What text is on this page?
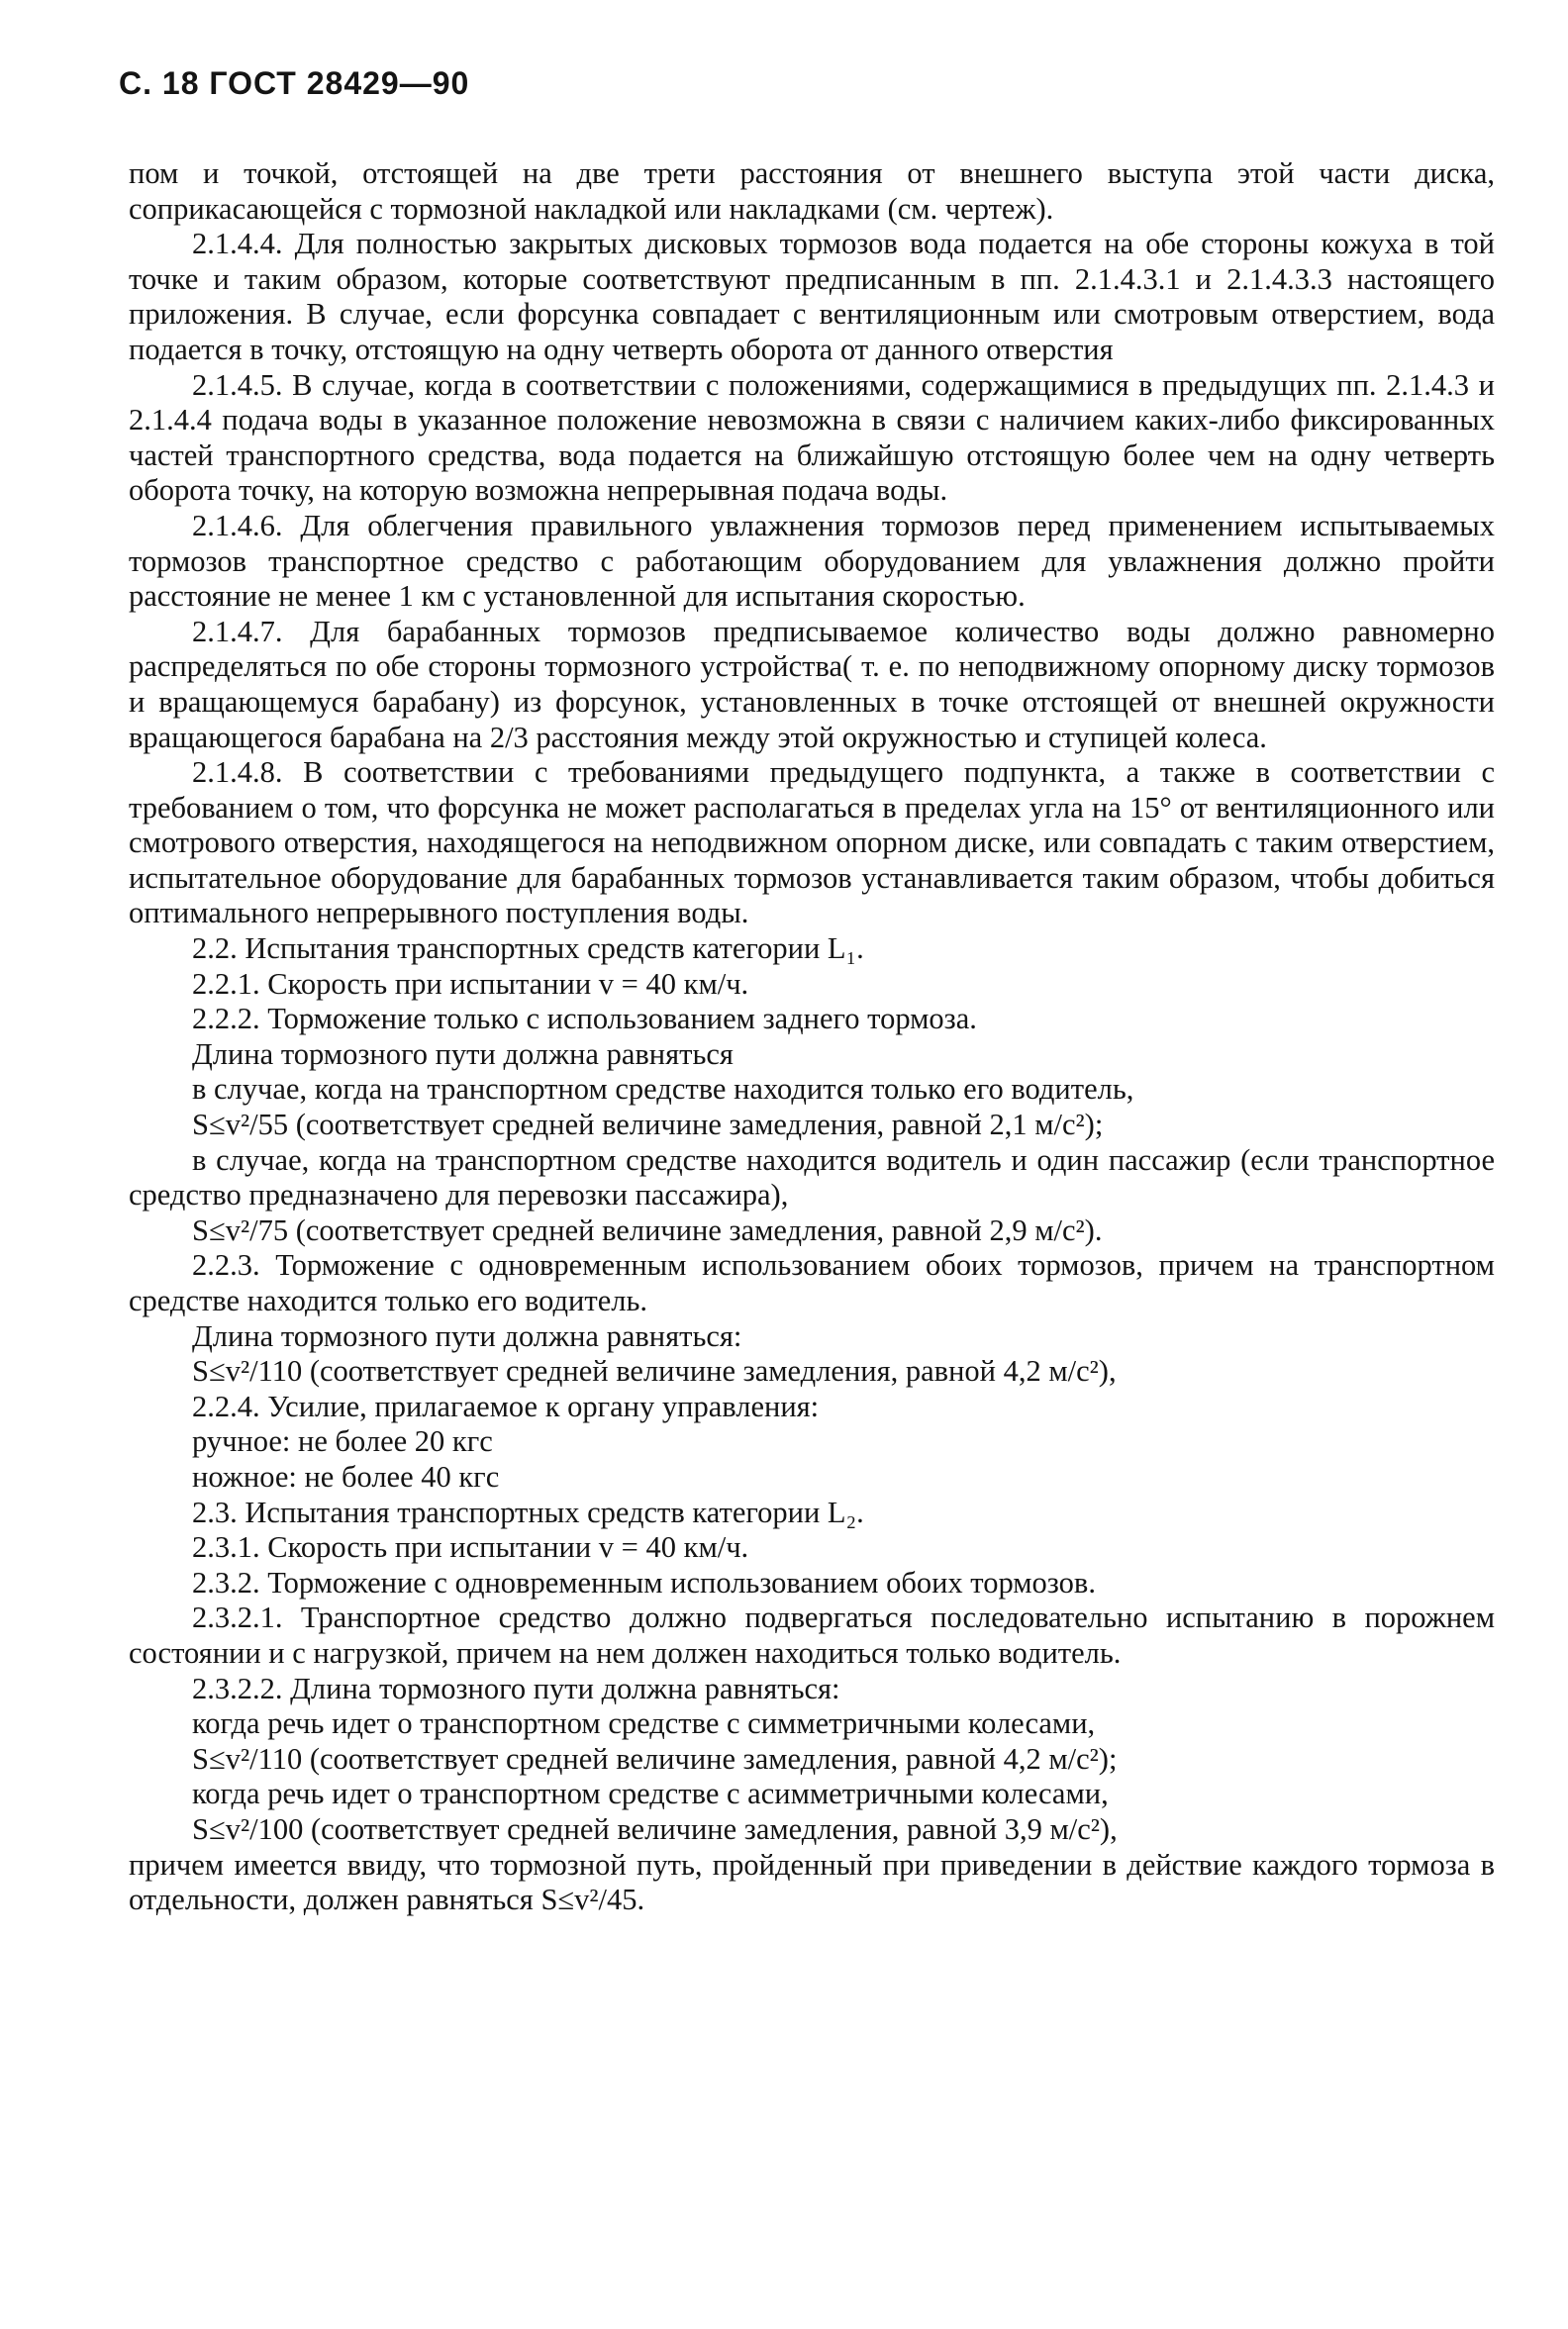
С. 18 ГОСТ 28429—90

пом и точкой, отстоящей на две трети расстояния от внешнего выступа этой части диска, соприкасающейся с тормозной накладкой или накладками (см. чертеж).

2.1.4.4. Для полностью закрытых дисковых тормозов вода подается на обе стороны кожуха в той точке и таким образом, которые соответствуют предписанным в пп. 2.1.4.3.1 и 2.1.4.3.3 настоящего приложения. В случае, если форсунка совпадает с вентиляционным или смотровым отверстием, вода подается в точку, отстоящую на одну четверть оборота от данного отверстия

2.1.4.5. В случае, когда в соответствии с положениями, содержащимися в предыдущих пп. 2.1.4.3 и 2.1.4.4 подача воды в указанное положение невозможна в связи с наличием каких-либо фиксированных частей транспортного средства, вода подается на ближайшую отстоящую более чем на одну четверть оборота точку, на которую возможна непрерывная подача воды.

2.1.4.6. Для облегчения правильного увлажнения тормозов перед применением испытываемых тормозов транспортное средство с работающим оборудованием для увлажнения должно пройти расстояние не менее 1 км с установленной для испытания скоростью.

2.1.4.7. Для барабанных тормозов предписываемое количество воды должно равномерно распределяться по обе стороны тормозного устройства( т. е. по неподвижному опорному диску тормозов и вращающемуся барабану) из форсунок, установленных в точке отстоящей от внешней окружности вращающегося барабана на 2/3 расстояния между этой окружностью и ступицей колеса.

2.1.4.8. В соответствии с требованиями предыдущего подпункта, а также в соответствии с требованием о том, что форсунка не может располагаться в пределах угла на 15° от вентиляционного или смотрового отверстия, находящегося на неподвижном опорном диске, или совпадать с таким отверстием, испытательное оборудование для барабанных тормозов устанавливается таким образом, чтобы добиться оптимального непрерывного поступления воды.

2.2. Испытания транспортных средств категории L₁.

2.2.1. Скорость при испытании v = 40 км/ч.

2.2.2. Торможение только с использованием заднего тормоза.

Длина тормозного пути должна равняться

в случае, когда на транспортном средстве находится только его водитель,

S≤v²/55 (соответствует средней величине замедления, равной 2,1 м/с²);

в случае, когда на транспортном средстве находится водитель и один пассажир (если транспортное средство предназначено для перевозки пассажира),

S≤v²/75 (соответствует средней величине замедления, равной 2,9 м/с²).

2.2.3. Торможение с одновременным использованием обоих тормозов, причем на транспортном средстве находится только его водитель.

Длина тормозного пути должна равняться:

S≤v²/110 (соответствует средней величине замедления, равной 4,2 м/с²),

2.2.4. Усилие, прилагаемое к органу управления:

ручное: не более 20 кгс

ножное: не более 40 кгс

2.3. Испытания транспортных средств категории L₂.

2.3.1. Скорость при испытании v = 40 км/ч.

2.3.2. Торможение с одновременным использованием обоих тормозов.

2.3.2.1. Транспортное средство должно подвергаться последовательно испытанию в порожнем состоянии и с нагрузкой, причем на нем должен находиться только водитель.

2.3.2.2. Длина тормозного пути должна равняться:

когда речь идет о транспортном средстве с симметричными колесами,

S≤v²/110 (соответствует средней величине замедления, равной 4,2 м/с²);

когда речь идет о транспортном средстве с асимметричными колесами,

S≤v²/100 (соответствует средней величине замедления, равной 3,9 м/с²),

причем имеется ввиду, что тормозной путь, пройденный при приведении в действие каждого тормоза в отдельности, должен равняться S≤v²/45.
